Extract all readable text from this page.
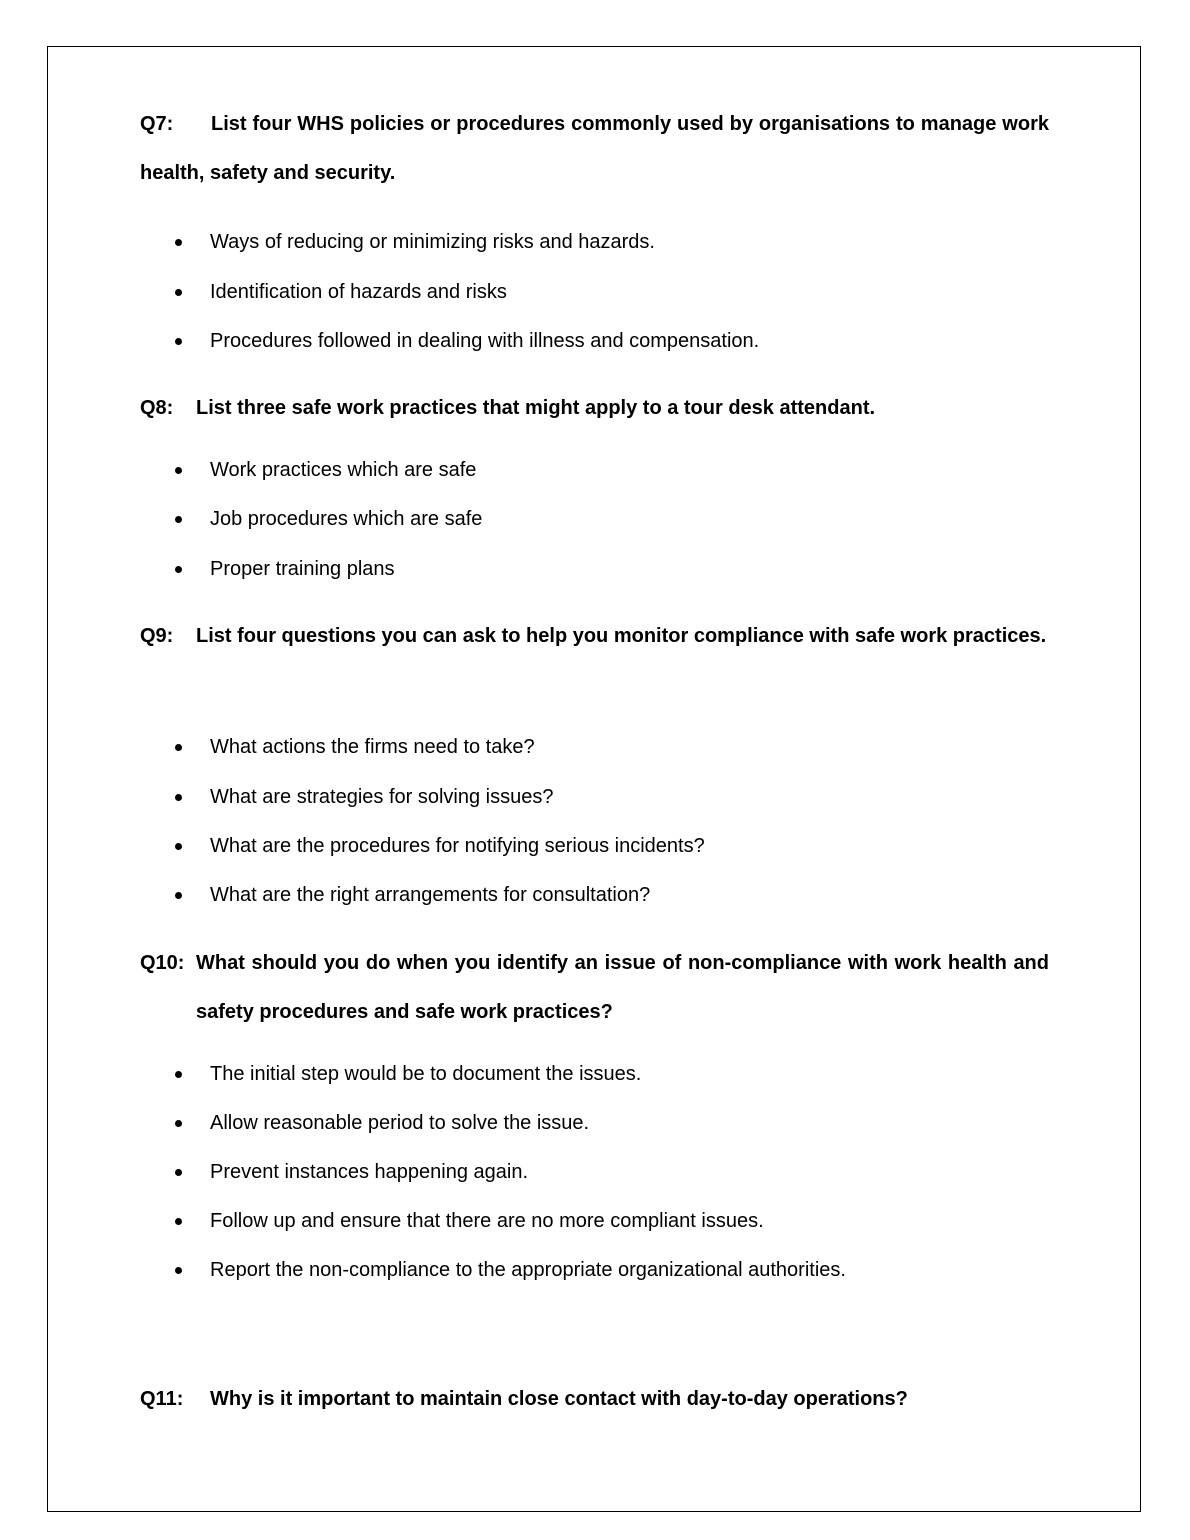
List four WHS policies or procedures commonly used by organisations to manage work health, safety and security.
Q7:
Ways of reducing or minimizing risks and hazards.
Identification of hazards and risks
Procedures followed in dealing with illness and compensation.
Q8: List three safe work practices that might apply to a tour desk attendant.
Work practices which are safe
Job procedures which are safe
Proper training plans
Q9: List four questions you can ask to help you monitor compliance with safe work practices.
What actions the firms need to take?
What are strategies for solving issues?
What are the procedures for notifying serious incidents?
What are the right arrangements for consultation?
Q10: What should you do when you identify an issue of non-compliance with work health and safety procedures and safe work practices?
The initial step would be to document the issues.
Allow reasonable period to solve the issue.
Prevent instances happening again.
Follow up and ensure that there are no more compliant issues.
Report the non-compliance to the appropriate organizational authorities.
Q11: Why is it important to maintain close contact with day-to-day operations?
